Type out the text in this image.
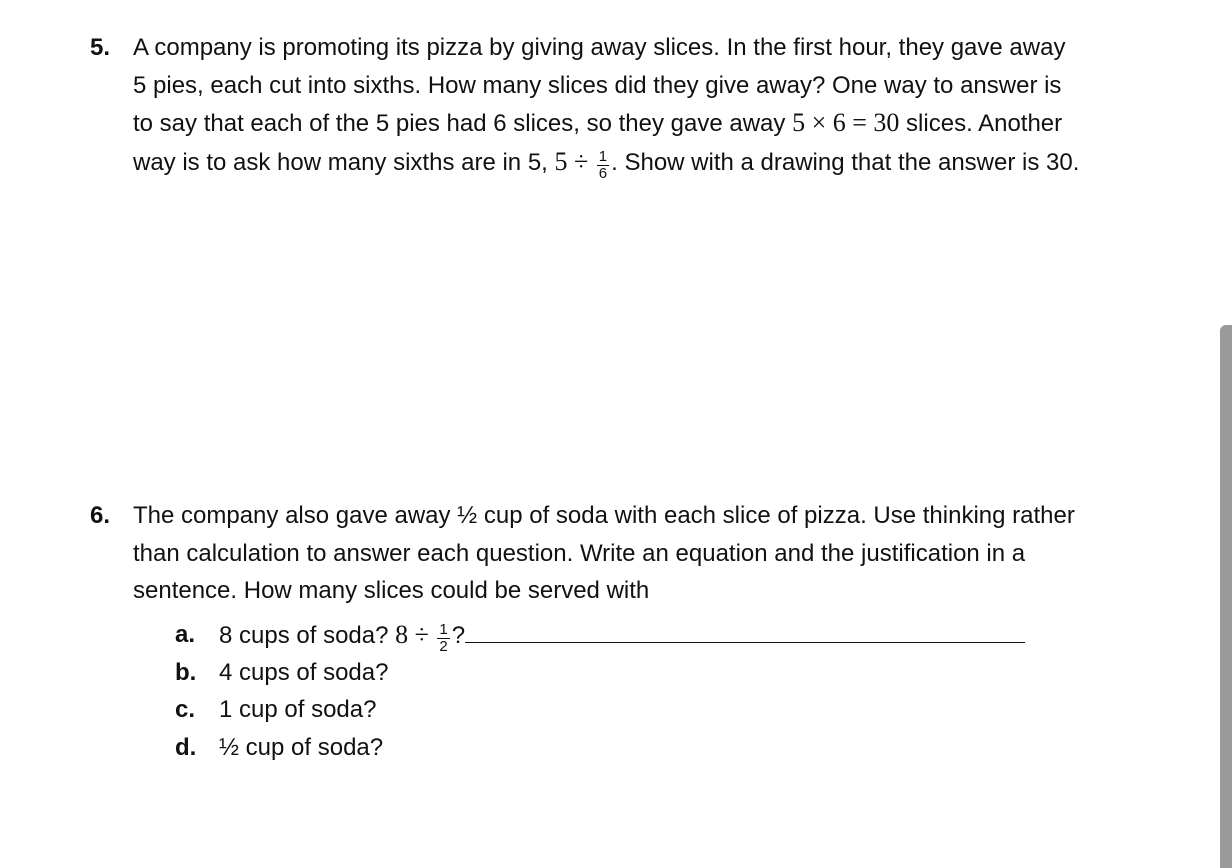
5. A company is promoting its pizza by giving away slices. In the first hour, they gave away
5 pies, each cut into sixths. How many slices did they give away? One way to answer is
to say that each of the 5 pies had 6 slices, so they gave away 5 × 6 = 30 slices. Another
way is to ask how many sixths are in 5, $5 \div \frac{1}{6}$ . Show with a drawing that the answer is 30.
6. The company also gave away ½ cup of soda with each slice of pizza. Use thinking rather
than calculation to answer each question. Write an equation and the justification in a
sentence. How many slices could be served with
a. 8 cups of soda? $8 \div \frac{1}{2}$ ?
b. 4 cups of soda?
c. 1 cup of soda?
d. ½ cup of soda?
